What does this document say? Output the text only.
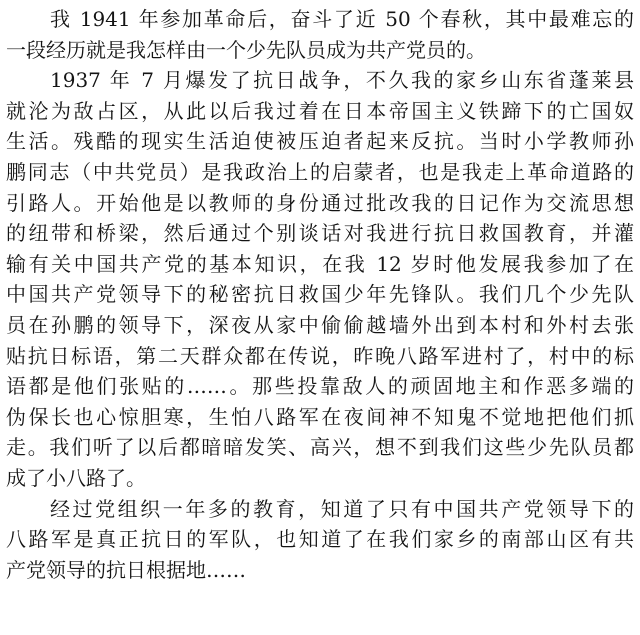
我 1941 年参加革命后，奋斗了近 50 个春秋，其中最难忘的
一段经历就是我怎样由一个少先队员成为共产党员的。
1937 年 7 月爆发了抗日战争，不久我的家乡山东省蓬莱县
就沦为敌占区，从此以后我过着在日本帝国主义铁蹄下的亡国奴
生活。残酷的现实生活迫使被压迫者起来反抗。当时小学教师孙
鹏同志（中共党员）是我政治上的启蒙者，也是我走上革命道路的
引路人。开始他是以教师的身份通过批改我的日记作为交流思想
的纽带和桥梁，然后通过个别谈话对我进行抗日救国教育，并灌
输有关中国共产党的基本知识，在我 12 岁时他发展我参加了在
中国共产党领导下的秘密抗日救国少年先锋队。我们几个少先队
员在孙鹏的领导下，深夜从家中偷偷越墙外出到本村和外村去张
贴抗日标语，第二天群众都在传说，昨晚八路军进村了，村中的标
语都是他们张贴的……。那些投靠敌人的顽固地主和作恶多端的
伪保长也心惊胆寒，生怕八路军在夜间神不知鬼不觉地把他们抓
走。我们听了以后都暗暗发笑、高兴，想不到我们这些少先队员都
成了小八路了。
经过党组织一年多的教育，知道了只有中国共产党领导下的
八路军是真正抗日的军队，也知道了在我们家乡的南部山区有共
产党领导的抗日根据地……
